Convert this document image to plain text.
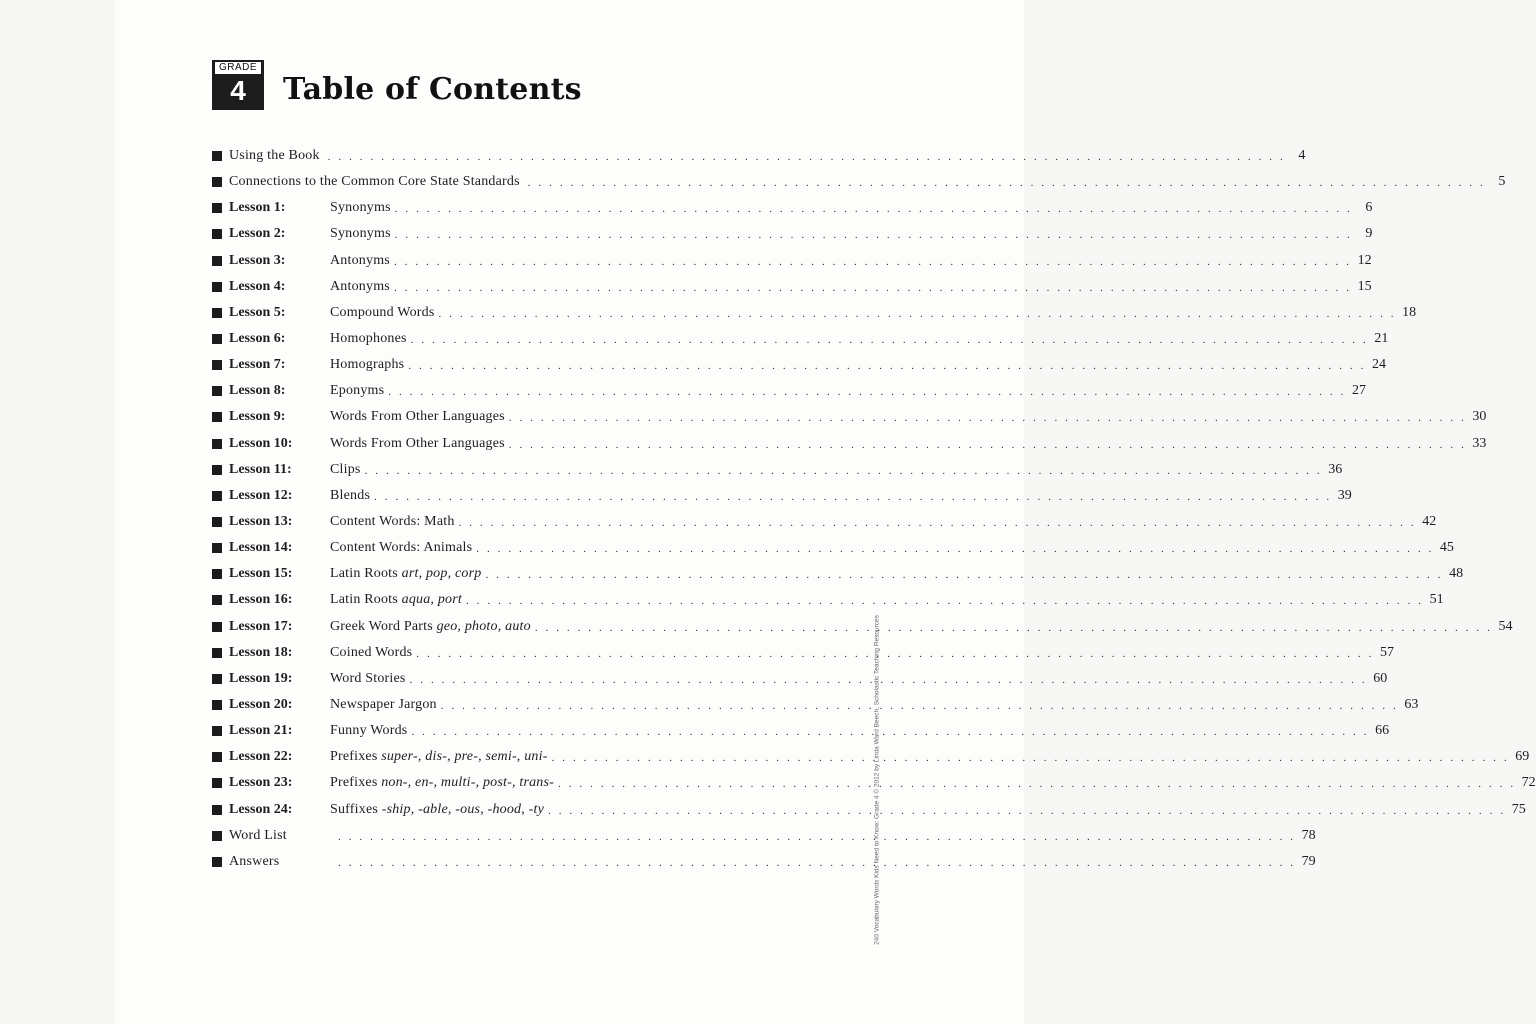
GRADE
4	Table of Contents
Using the Book . . . . . . . . . . . . . . . . . . . . . . . . . . . . . . . . . . . . . . . . . . . . . . . . . . . . . . . . . . . . . . . . . . . . . . . . . . . . . . . . . . . . . . . . . . 4
Connections to the Common Core State Standards . . . . . . . . . . . . . . . . . . . . . . . . . . . . . . . . . . . . . . . . . . . . . . . . . . . . . . . . . . . . . . . . . . . . . . . . . . . . . . . . . . . . . . . . . . 5
Lesson 1:	Synonyms . . . . . . . . . . . . . . . . . . . . . . . . . . . . . . . . . . . . . . . . . . . . . . . . . . . . . . . . . . . . . . . . . . . . . . . . . . . . . . . . . . . . . . . . . . 6
Lesson 2:	Synonyms . . . . . . . . . . . . . . . . . . . . . . . . . . . . . . . . . . . . . . . . . . . . . . . . . . . . . . . . . . . . . . . . . . . . . . . . . . . . . . . . . . . . . . . . . . 9
Lesson 3:	Antonyms . . . . . . . . . . . . . . . . . . . . . . . . . . . . . . . . . . . . . . . . . . . . . . . . . . . . . . . . . . . . . . . . . . . . . . . . . . . . . . . . . . . . . . . . . . 12
Lesson 4:	Antonyms . . . . . . . . . . . . . . . . . . . . . . . . . . . . . . . . . . . . . . . . . . . . . . . . . . . . . . . . . . . . . . . . . . . . . . . . . . . . . . . . . . . . . . . . . . 15
Lesson 5:	Compound Words . . . . . . . . . . . . . . . . . . . . . . . . . . . . . . . . . . . . . . . . . . . . . . . . . . . . . . . . . . . . . . . . . . . . . . . . . . . . . . . . . . . . . . . . . . 18
Lesson 6:	Homophones . . . . . . . . . . . . . . . . . . . . . . . . . . . . . . . . . . . . . . . . . . . . . . . . . . . . . . . . . . . . . . . . . . . . . . . . . . . . . . . . . . . . . . . . . . 21
Lesson 7:	Homographs . . . . . . . . . . . . . . . . . . . . . . . . . . . . . . . . . . . . . . . . . . . . . . . . . . . . . . . . . . . . . . . . . . . . . . . . . . . . . . . . . . . . . . . . . . 24
Lesson 8:	Eponyms . . . . . . . . . . . . . . . . . . . . . . . . . . . . . . . . . . . . . . . . . . . . . . . . . . . . . . . . . . . . . . . . . . . . . . . . . . . . . . . . . . . . . . . . . . 27
Lesson 9:	Words From Other Languages . . . . . . . . . . . . . . . . . . . . . . . . . . . . . . . . . . . . . . . . . . . . . . . . . . . . . . . . . . . . . . . . . . . . . . . . . . . . . . . . . . . . . . . . . . 30
Lesson 10:	Words From Other Languages . . . . . . . . . . . . . . . . . . . . . . . . . . . . . . . . . . . . . . . . . . . . . . . . . . . . . . . . . . . . . . . . . . . . . . . . . . . . . . . . . . . . . . . . . . 33
Lesson 11:	Clips . . . . . . . . . . . . . . . . . . . . . . . . . . . . . . . . . . . . . . . . . . . . . . . . . . . . . . . . . . . . . . . . . . . . . . . . . . . . . . . . . . . . . . . . . . 36
Lesson 12:	Blends . . . . . . . . . . . . . . . . . . . . . . . . . . . . . . . . . . . . . . . . . . . . . . . . . . . . . . . . . . . . . . . . . . . . . . . . . . . . . . . . . . . . . . . . . . 39
Lesson 13:	Content Words: Math . . . . . . . . . . . . . . . . . . . . . . . . . . . . . . . . . . . . . . . . . . . . . . . . . . . . . . . . . . . . . . . . . . . . . . . . . . . . . . . . . . . . . . . . . . 42
Lesson 14:	Content Words: Animals . . . . . . . . . . . . . . . . . . . . . . . . . . . . . . . . . . . . . . . . . . . . . . . . . . . . . . . . . . . . . . . . . . . . . . . . . . . . . . . . . . . . . . . . . . 45
Lesson 15:	Latin Roots art, pop, corp . . . . . . . . . . . . . . . . . . . . . . . . . . . . . . . . . . . . . . . . . . . . . . . . . . . . . . . . . . . . . . . . . . . . . . . . . . . . . . . . . . . . . . . . . . 48
Lesson 16:	Latin Roots aqua, port . . . . . . . . . . . . . . . . . . . . . . . . . . . . . . . . . . . . . . . . . . . . . . . . . . . . . . . . . . . . . . . . . . . . . . . . . . . . . . . . . . . . . . . . . . 51
Lesson 17:	Greek Word Parts geo, photo, auto . . . . . . . . . . . . . . . . . . . . . . . . . . . . . . . . . . . . . . . . . . . . . . . . . . . . . . . . . . . . . . . . . . . . . . . . . . . . . . . . . . . . . . . . . . 54
Lesson 18:	Coined Words . . . . . . . . . . . . . . . . . . . . . . . . . . . . . . . . . . . . . . . . . . . . . . . . . . . . . . . . . . . . . . . . . . . . . . . . . . . . . . . . . . . . . . . . . . 57
Lesson 19:	Word Stories . . . . . . . . . . . . . . . . . . . . . . . . . . . . . . . . . . . . . . . . . . . . . . . . . . . . . . . . . . . . . . . . . . . . . . . . . . . . . . . . . . . . . . . . . . 60
Lesson 20:	Newspaper Jargon . . . . . . . . . . . . . . . . . . . . . . . . . . . . . . . . . . . . . . . . . . . . . . . . . . . . . . . . . . . . . . . . . . . . . . . . . . . . . . . . . . . . . . . . . . 63
Lesson 21:	Funny Words . . . . . . . . . . . . . . . . . . . . . . . . . . . . . . . . . . . . . . . . . . . . . . . . . . . . . . . . . . . . . . . . . . . . . . . . . . . . . . . . . . . . . . . . . . 66
Lesson 22:	Prefixes super-, dis-, pre-, semi-, uni- . . . . . . . . . . . . . . . . . . . . . . . . . . . . . . . . . . . . . . . . . . . . . . . . . . . . . . . . . . . . . . . . . . . . . . . . . . . . . . . . . . . . . . . . . . 69
Lesson 23:	Prefixes non-, en-, multi-, post-, trans- . . . . . . . . . . . . . . . . . . . . . . . . . . . . . . . . . . . . . . . . . . . . . . . . . . . . . . . . . . . . . . . . . . . . . . . . . . . . . . . . . . . . . . . . . . 72
Lesson 24:	Suffixes -ship, -able, -ous, -hood, -ty . . . . . . . . . . . . . . . . . . . . . . . . . . . . . . . . . . . . . . . . . . . . . . . . . . . . . . . . . . . . . . . . . . . . . . . . . . . . . . . . . . . . . . . . . . 75
Word List	. . . . . . . . . . . . . . . . . . . . . . . . . . . . . . . . . . . . . . . . . . . . . . . . . . . . . . . . . . . . . . . . . . . . . . . . . . . . . . . . . . . . . . . . . . 78
Answers	. . . . . . . . . . . . . . . . . . . . . . . . . . . . . . . . . . . . . . . . . . . . . . . . . . . . . . . . . . . . . . . . . . . . . . . . . . . . . . . . . . . . . . . . . . 79
240 Vocabulary Words Kids Need to Know: Grade 4 © 2012 by Linda Ward Beech, Scholastic Teaching Resources
